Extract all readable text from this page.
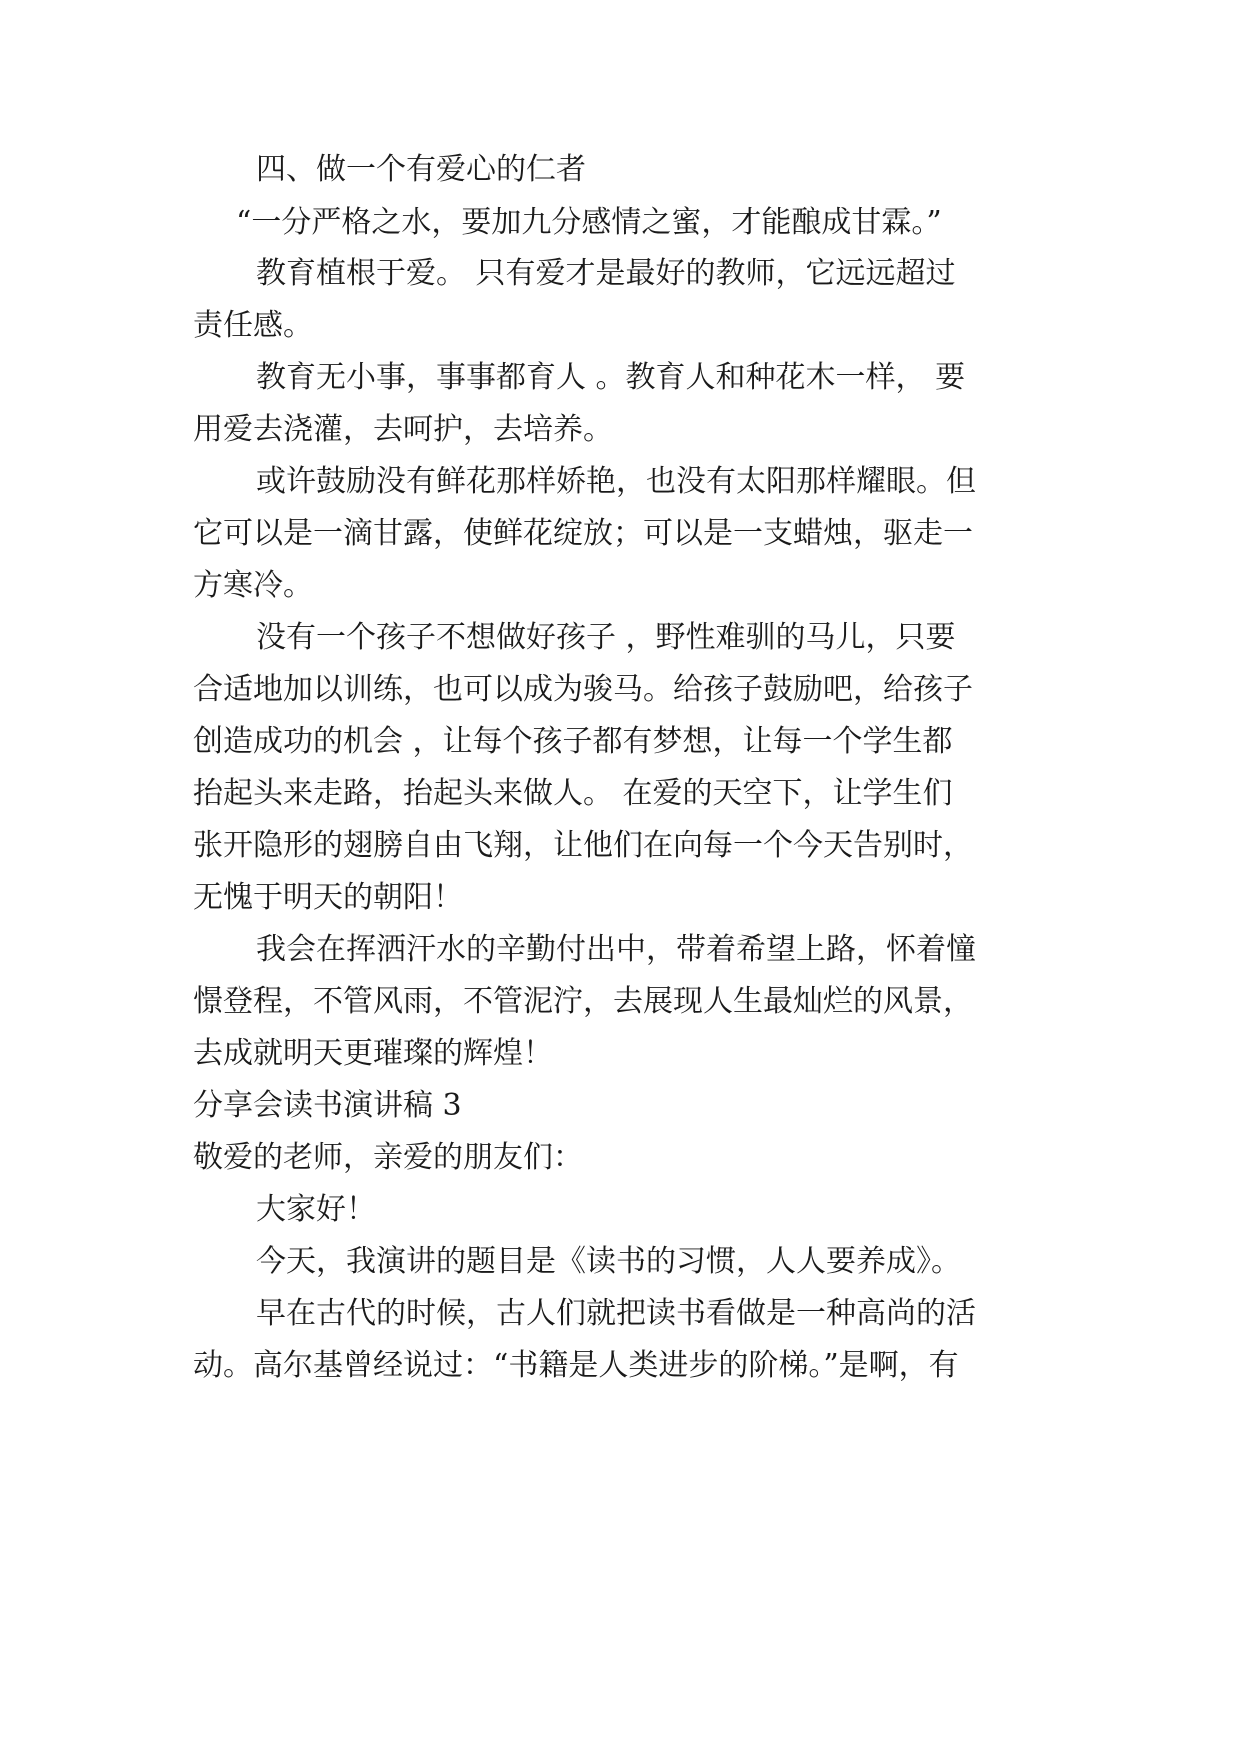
四、做一个有爱心的仁者
“一分严格之水，要加九分感情之蜜，才能酿成甘霖。”
教育植根于爱。 只有爱才是最好的教师，它远远超过
责任感。
教育无小事，事事都育人 。教育人和种花木一样， 要
用爱去浇灌，去呵护，去培养。
或许鼓励没有鲜花那样娇艳，也没有太阳那样耀眼。但
它可以是一滴甘露，使鲜花绽放；可以是一支蜡烛，驱走一
方寒冷。
没有一个孩子不想做好孩子 ，野性难驯的马儿，只要
合适地加以训练，也可以成为骏马。给孩子鼓励吧，给孩子
创造成功的机会 ，让每个孩子都有梦想，让每一个学生都
抬起头来走路，抬起头来做人。 在爱的天空下，让学生们
张开隐形的翅膀自由飞翔，让他们在向每一个今天告别时，
无愧于明天的朝阳！
我会在挥洒汗水的辛勤付出中，带着希望上路，怀着憧
憬登程，不管风雨，不管泥泞，去展现人生最灿烂的风景，
去成就明天更璀璨的辉煌！
分享会读书演讲稿 3
敬爱的老师，亲爱的朋友们：
大家好！
今天，我演讲的题目是《读书的习惯，人人要养成》。
早在古代的时候，古人们就把读书看做是一种高尚的活
动。高尔基曾经说过：“书籍是人类进步的阶梯。”是啊，有
